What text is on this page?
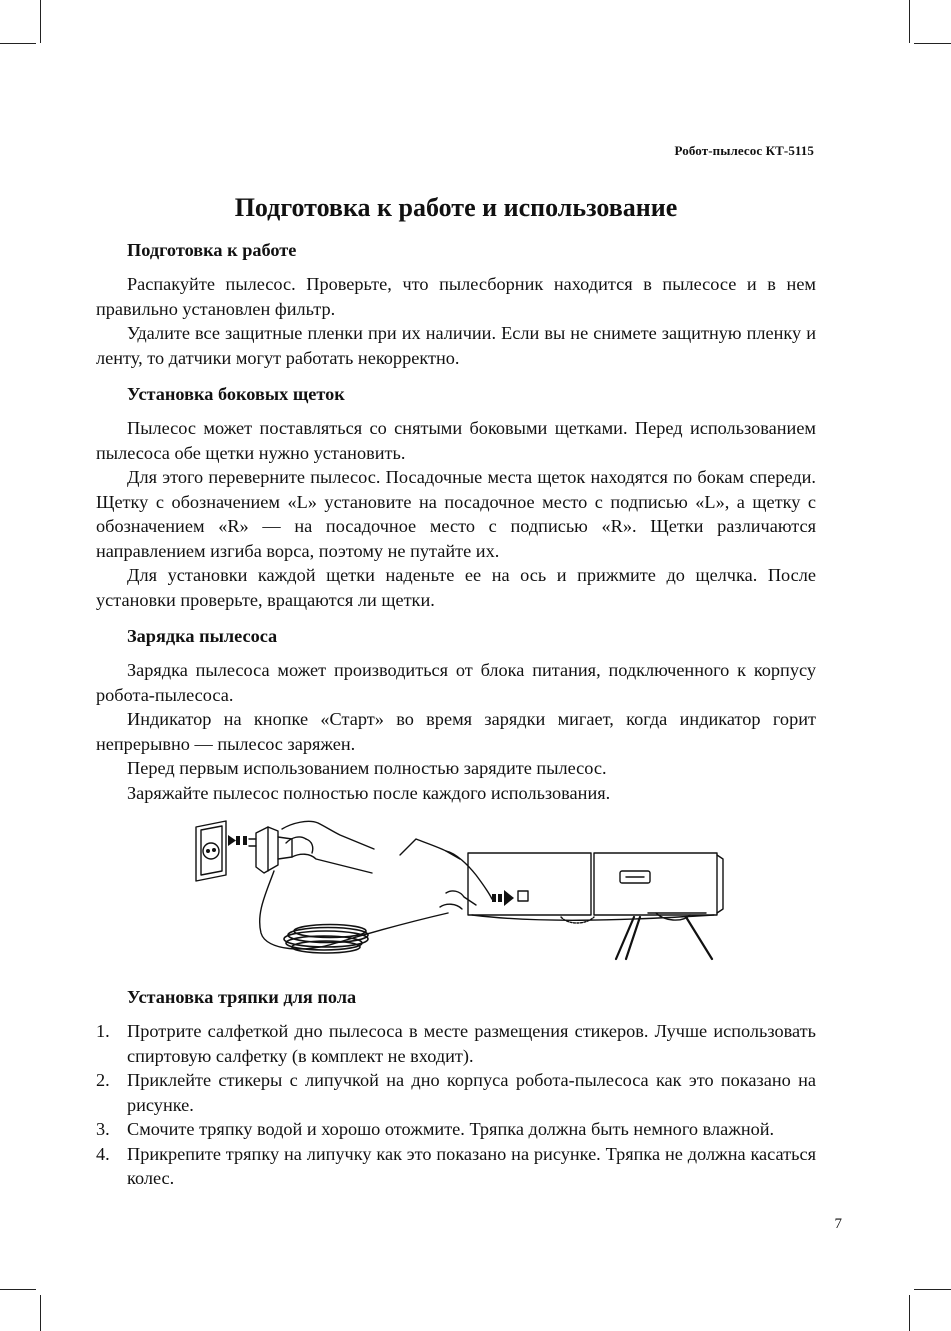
Робот-пылесос КТ-5115
Подготовка к работе и использование
Подготовка к работе

Распакуйте пылесос. Проверьте, что пылесборник находится в пылесосе и в нем правильно установлен фильтр.

Удалите все защитные пленки при их наличии. Если вы не снимете защитную пленку и ленту, то датчики могут работать некорректно.

Установка боковых щеток

Пылесос может поставляться со снятыми боковыми щетками. Перед использованием пылесоса обе щетки нужно установить.

Для этого переверните пылесос. Посадочные места щеток находятся по бокам спереди. Щетку с обозначением «L» установите на посадочное место с подписью «L», а щетку с обозначением «R» — на посадочное место с подписью «R». Щетки различаются направлением изгиба ворса, поэтому не путайте их.

Для установки каждой щетки наденьте ее на ось и прижмите до щелчка. После установки проверьте, вращаются ли щетки.

Зарядка пылесоса

Зарядка пылесоса может производиться от блока питания, подключенного к корпусу робота-пылесоса.

Индикатор на кнопке «Старт» во время зарядки мигает, когда индикатор горит непрерывно — пылесос заряжен.

Перед первым использованием полностью зарядите пылесос.

Заряжайте пылесос полностью после каждого использования.

Установка тряпки для пола
1. Протрите салфеткой дно пылесоса в месте размещения стикеров. Лучше использовать спиртовую салфетку (в комплект не входит).
2. Приклейте стикеры с липучкой на дно корпуса робота-пылесоса как это показано на рисунке.
3. Смочите тряпку водой и хорошо отожмите. Тряпка должна быть немного влажной.
4. Прикрепите тряпку на липучку как это показано на рисунке. Тряпка не должна касаться колес.
7
